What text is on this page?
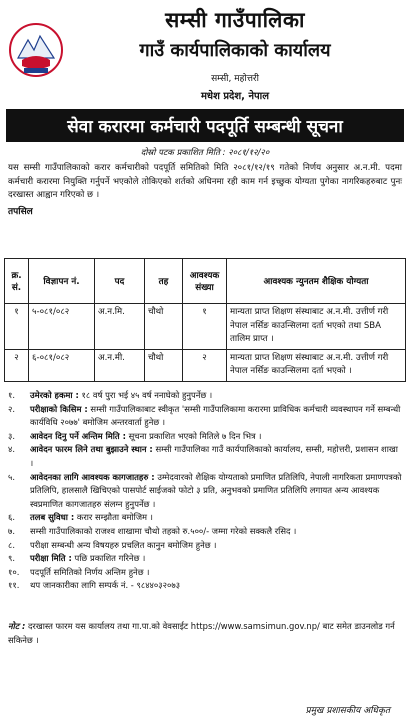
सम्सी गाउँपालिका
गाउँ कार्यपालिकाको कार्यालय
सम्सी, महोत्तरी
मधेश प्रदेश, नेपाल
सेवा करारमा कर्मचारी पदपूर्ति सम्बन्धी सूचना
दोस्रो पटक प्रकाशित मिति : २०८१/१२/२०
यस सम्सी गाउँपालिकाको करार कर्मचारीको पदपूर्ति समितिको मिति २०८१/१२/१९ गतेको निर्णय अनुसार अ.न.मी. पदमा कर्मचारी करारमा नियुक्ति गर्नुपर्ने भएकोले तोकिएको शर्तको अधिनमा रही काम गर्न इच्छुक योग्यता पुगेका नागरिकहरुबाट पुनः दरखास्त आह्वान गरिएको छ ।
तपसिल
क्र. सं.	विज्ञापन नं.	पद	तह	आवश्यक संख्या	आवश्यक न्युनतम शैक्षिक योग्यता
१	५-०८१/०८२	अ.न.मि.	चौथो	१	मान्यता प्राप्त शिक्षण संस्थाबाट अ.न.मी. उत्तीर्ण गरी नेपाल नर्सिङ काउन्सिलमा दर्ता भएको तथा SBA तालिम प्राप्त ।
२	६-०८१/०८२	अ.न.मी.	चौथो	२	मान्यता प्राप्त शिक्षण संस्थाबाट अ.न.मी. उत्तीर्ण गरी नेपाल नर्सिङ काउन्सिलमा दर्ता भएको ।
१.	उमेरको हकमा : १८ वर्ष पुरा भई ४५ वर्ष ननाघेको हुनुपर्नेछ ।
२.	परीक्षाको किसिम : सम्सी गाउँपालिकाबाट स्वीकृत 'सम्सी गाउँपालिकामा करारमा प्राविधिक कर्मचारी व्यवस्थापन गर्ने सम्बन्धी कार्यविधि २०७७' बमोजिम अन्तरवार्ता हुनेछ ।
३.	आवेदन दिनु पर्ने अन्तिम मिति : सूचना प्रकाशित भएको मितिले ७ दिन भित्र ।
४.	आवेदन फारम लिने तथा बुझाउने स्थान : सम्सी गाउँपालिका गाउँ कार्यपालिकाको कार्यालय, सम्सी, महोत्तरी, प्रशासन शाखा ।
५.	आवेदनका लागि आवश्यक कागजातहरु : उम्मेदवारको शैक्षिक योग्यताको प्रमाणित प्रतिलिपि, नेपाली नागरिकता प्रमाणपत्रको प्रतिलिपि, हालसालै खिचिएको पासपोर्ट साईजको फोटो ३ प्रति, अनुभवको प्रमाणित प्रतिलिपि लगायत अन्य आवश्यक स्वप्रमाणित कागजातहरु संलग्न हुनुपर्नेछ ।
६.	तलब सुविधा : करार सम्झौता बमोजिम ।
७.	सम्सी गाउँपालिकाको राजश्व शाखामा चौथो तहको रु.५००/- जम्मा गरेको सक्कलै रसिद ।
८.	परीक्षा सम्बन्धी अन्य विषयहरु प्रचलित कानुन बमोजिम हुनेछ ।
९.	परीक्षा मिति : पछि प्रकाशित गरिनेछ ।
१०.	पदपूर्ति समितिको निर्णय अन्तिम हुनेछ ।
११.	थप जानकारीका लागि सम्पर्क नं. - ९८४४०३२०७३
नोट : दरखास्त फारम यस कार्यालय तथा गा.पा.को वेवसाईट https://www.samsimun.gov.np/ बाट समेत डाउनलोड गर्न सकिनेछ ।
प्रमुख प्रशासकीय अधिकृत
